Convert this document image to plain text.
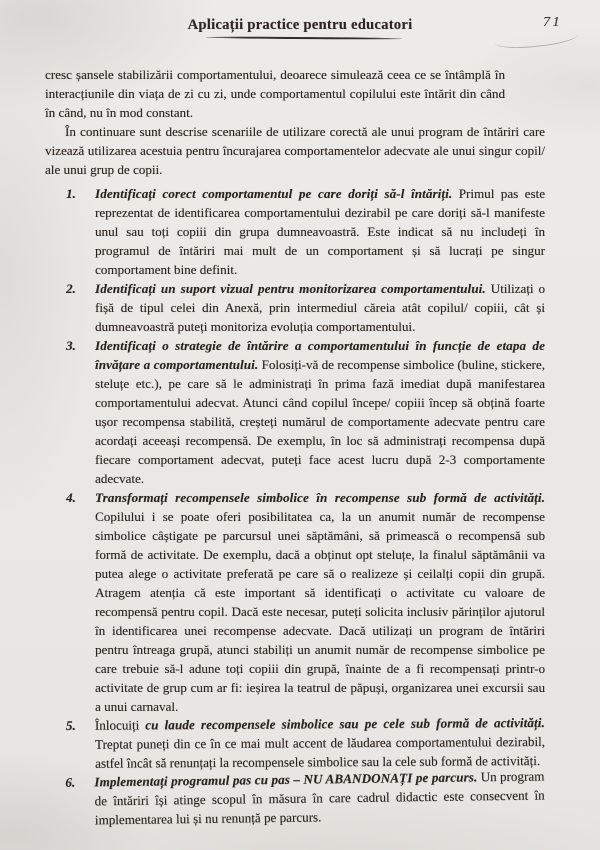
Aplicații practice pentru educatori	71

cresc șansele stabilizării comportamentului, deoarece simulează ceea ce se întâmplă în interacțiunile din viața de zi cu zi, unde comportamentul copilului este întărit din când în când, nu în mod constant.

În continuare sunt descrise scenariile de utilizare corectă ale unui program de întăriri care vizează utilizarea acestuia pentru încurajarea comportamentelor adecvate ale unui singur copil/ ale unui grup de copii.

1. Identificați corect comportamentul pe care doriți să-l întăriți. Primul pas este reprezentat de identificarea comportamentului dezirabil pe care doriți să-l manifeste unul sau toți copiii din grupa dumneavoastră. Este indicat să nu includeți în programul de întăriri mai mult de un comportament și să lucrați pe singur comportament bine definit.

2. Identificați un suport vizual pentru monitorizarea comportamentului. Utilizați o fișă de tipul celei din Anexă, prin intermediul căreia atât copilul/ copiii, cât și dumneavoastră puteți monitoriza evoluția comportamentului.

3. Identificați o strategie de întărire a comportamentului în funcție de etapa de învățare a comportamentului. Folosiți-vă de recompense simbolice (buline, stickere, steluțe etc.), pe care să le administrați în prima fază imediat după manifestarea comportamentului adecvat. Atunci când copilul începe/ copiii încep să obțină foarte ușor recompensa stabilită, creșteți numărul de comportamente adecvate pentru care acordați aceeași recompensă. De exemplu, în loc să administrați recompensa după fiecare comportament adecvat, puteți face acest lucru după 2-3 comportamente adecvate.

4. Transformați recompensele simbolice în recompense sub formă de activități. Copilului i se poate oferi posibilitatea ca, la un anumit număr de recompense simbolice câștigate pe parcursul unei săptămâni, să primească o recompensă sub formă de activitate. De exemplu, dacă a obținut opt steluțe, la finalul săptămânii va putea alege o activitate preferată pe care să o realizeze și ceilalți copii din grupă. Atragem atenția că este important să identificați o activitate cu valoare de recompensă pentru copil. Dacă este necesar, puteți solicita inclusiv părinților ajutorul în identificarea unei recompense adecvate. Dacă utilizați un program de întăriri pentru întreaga grupă, atunci stabiliți un anumit număr de recompense simbolice pe care trebuie să-l adune toți copiii din grupă, înainte de a fi recompensați printr-o activitate de grup cum ar fi: ieșirea la teatrul de păpuși, organizarea unei excursii sau a unui carnaval.

5. Înlocuiți cu laude recompensele simbolice sau pe cele sub formă de activități. Treptat puneți din ce în ce mai mult accent de lăudarea comportamentului dezirabil, astfel încât să renunțați la recompensele simbolice sau la cele sub formă de activități.

6. Implementați programul pas cu pas – NU ABANDONAȚI pe parcurs. Un program de întăriri își atinge scopul în măsura în care cadrul didactic este consecvent în implementarea lui și nu renunță pe parcurs.
